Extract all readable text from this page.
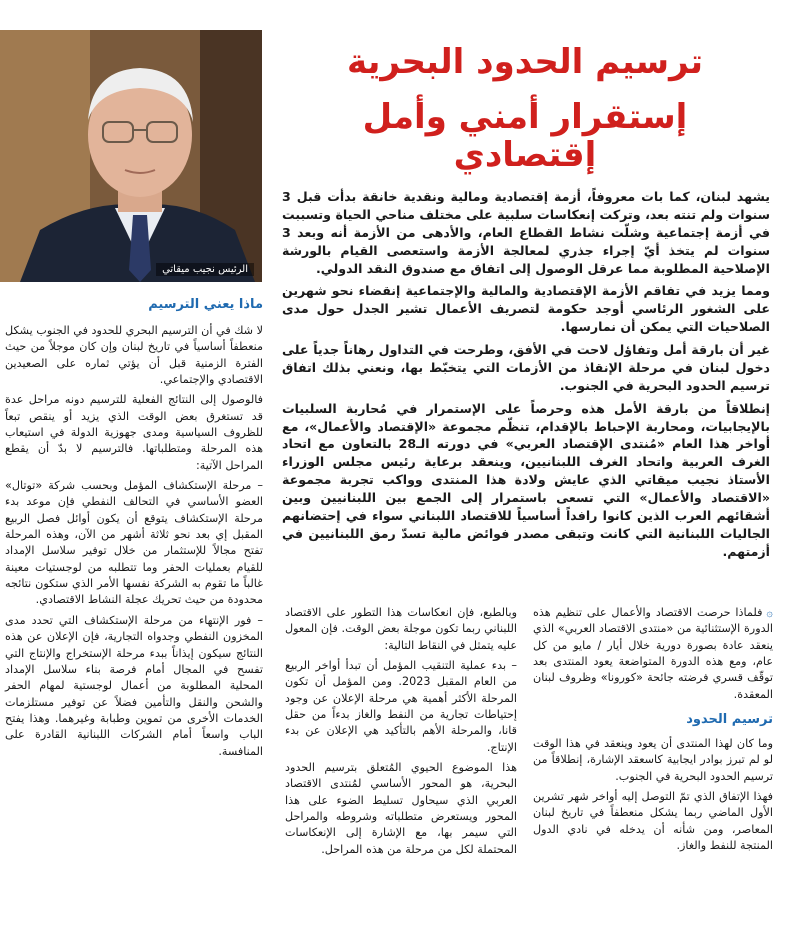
الرئيس نجيب ميقاتي
ترسيم الحدود البحرية
إستقرار أمني وأمل إقتصادي

يشهد لبنان، كما بات معروفاً، أزمة إقتصادية ومالية ونقدية خانقة بدأت قبل 3 سنوات ولم تنته بعد، وتركت إنعكاسات سلبية على مختلف مناحي الحياة وتسببت في أزمة إجتماعية وشلّت نشاط القطاع العام، والأدهى من الأزمة أنه وبعد 3 سنوات لم يتخذ أيّ إجراء جذري لمعالجة الأزمة واستعصى القيام بالورشة الإصلاحية المطلوبة مما عرقل الوصول إلى اتفاق مع صندوق النقد الدولي.

ومما يزيد في تفاقم الأزمة الإقتصادية والمالية والإجتماعية إنقضاء نحو شهرين على الشغور الرئاسي أوجد حكومة لتصريف الأعمال تشير الجدل حول مدى الصلاحيات التي يمكن أن نمارسها.

غير أن بارقة أمل وتفاؤل لاحت في الأفق، وطرحت في التداول رهاناً جدياً على دخول لبنان في مرحلة الإنقاذ من الأزمات التي يتخبّط بها، ونعني بذلك اتفاق ترسيم الحدود البحرية في الجنوب.

إنطلاقاً من بارقة الأمل هذه وحرصاً على الإستمرار في مُحاربة السلبيات بالإيجابيات، ومحاربة الإحباط بالإقدام، تنظّم مجموعة «الإقتصاد والأعمال»، مع أواخر هذا العام «مُنتدى الإقتصاد العربي» في دورته الـ28 بالتعاون مع اتحاد الغرف العربية واتحاد الغرف اللبنانيين، وينعقد برعاية رئيس مجلس الوزراء الأستاذ نجيب ميقاتي الذي عايش ولادة هذا المنتدى وواكب تجربة مجموعة «الاقتصاد والأعمال» التي تسعى باستمرار إلى الجمع بين اللبنانيين وبين أشقائهم العرب الذين كانوا رافداً أساسياً للاقتصاد اللبناني سواء في إحتضانهم الجاليات اللبنانية التي كانت وتبقى مصدر فوائض مالية تسدّ رمق اللبنانيين في أزمتهم.

ماذا يعني الترسيم

لا شك في أن الترسيم البحري للحدود في الجنوب يشكل منعطفاً أساسياً في تاريخ لبنان وإن كان موجلاً من حيث الفترة الزمنية قبل أن يؤتي ثماره على الصعيدين الاقتصادي والإجتماعي.

فالوصول إلى النتائج الفعلية للترسيم دونه مراحل عدة قد تستغرق بعض الوقت الذي يزيد أو ينقص تبعاً للظروف السياسية ومدى جهوزية الدولة في استيعاب هذه المرحلة ومتطلباتها. فالترسيم لا بدّ أن يقطع المراحل الآتية:

– مرحلة الإستكشاف المؤمل وبحسب شركة «توتال» العضو الأساسي في التحالف النفطي فإن موعد بدء مرحلة الإستكشاف يتوقع أن يكون أوائل فصل الربيع المقبل إي بعد نحو ثلاثة أشهر من الآن، وهذه المرحلة تفتح مجالاً للإستثمار من خلال توفير سلاسل الإمداد للقيام بعمليات الحفر وما تتطلبه من لوجستيات معينة غالباً ما تقوم به الشركة نفسها الأمر الذي ستكون نتائجه محدودة من حيث تحريك عجلة النشاط الاقتصادي.

– فور الإنتهاء من مرحلة الإستكشاف التي تحدد مدى المخزون النفطي وجدواه التجارية، فإن الإعلان عن هذه النتائج سيكون إيذاناً ببدء مرحلة الإستخراج والإنتاج التي تفسح في المجال أمام فرصة بناء سلاسل الإمداد المحلية المطلوبة من أعمال لوجستية لمهام الحفر والشحن والنقل والتأمين فضلاً عن توفير مستلزمات الخدمات الأخرى من تموين وطبابة وغيرهما. وهذا يفتح الباب واسعاً أمام الشركات اللبنانية القادرة على المنافسة.

وبالطبع، فإن انعكاسات هذا التطور على الاقتصاد اللبناني ربما تكون موجلة بعض الوقت. فإن المعول عليه يتمثل في النقاط التالية:

– بدء عملية التنقيب المؤمل أن تبدأ أواخر الربيع من العام المقبل 2023. ومن المؤمل أن تكون المرحلة الأكثر أهمية هي مرحلة الإعلان عن وجود إحتياطات تجارية من النفط والغاز بدءاً من حقل قانا، والمرحلة الأهم بالتأكيد هي الإعلان عن بدء الإنتاج.

هذا الموضوع الحيوي المُتعلق بترسيم الحدود البحرية، هو المحور الأساسي لمُنتدى الاقتصاد العربي الذي سيحاول تسليط الضوء على هذا المحور ويستعرض متطلباته وشروطه والمراحل التي سيمر بها، مع الإشارة إلى الإنعكاسات المحتملة لكل من مرحلة من هذه المراحل.

۞فلماذا حرصت الاقتصاد والأعمال على تنظيم هذه الدورة الإستثنائية من «منتدى الاقتصاد العربي» الذي ينعقد عادة بصورة دورية خلال أيار / مايو من كل عام، ومع هذه الدورة المتواضعة يعود المنتدى بعد توقّف قسري فرضته جائحة «كورونا» وظروف لبنان المعقدة.

ترسيم الحدود

وما كان لهذا المنتدى أن يعود وينعقد في هذا الوقت لو لم تبرز بوادر ايجابية كاسعقد الإشارة، إنطلاقاً من ترسيم الحدود البحرية في الجنوب.

فهذا الإتفاق الذي تمّ التوصل إليه أواخر شهر تشرين الأول الماضي ربما يشكل منعطفاً في تاريخ لبنان المعاصر، ومن شأنه أن يدخله في نادي الدول المنتجة للنفط والغاز.
